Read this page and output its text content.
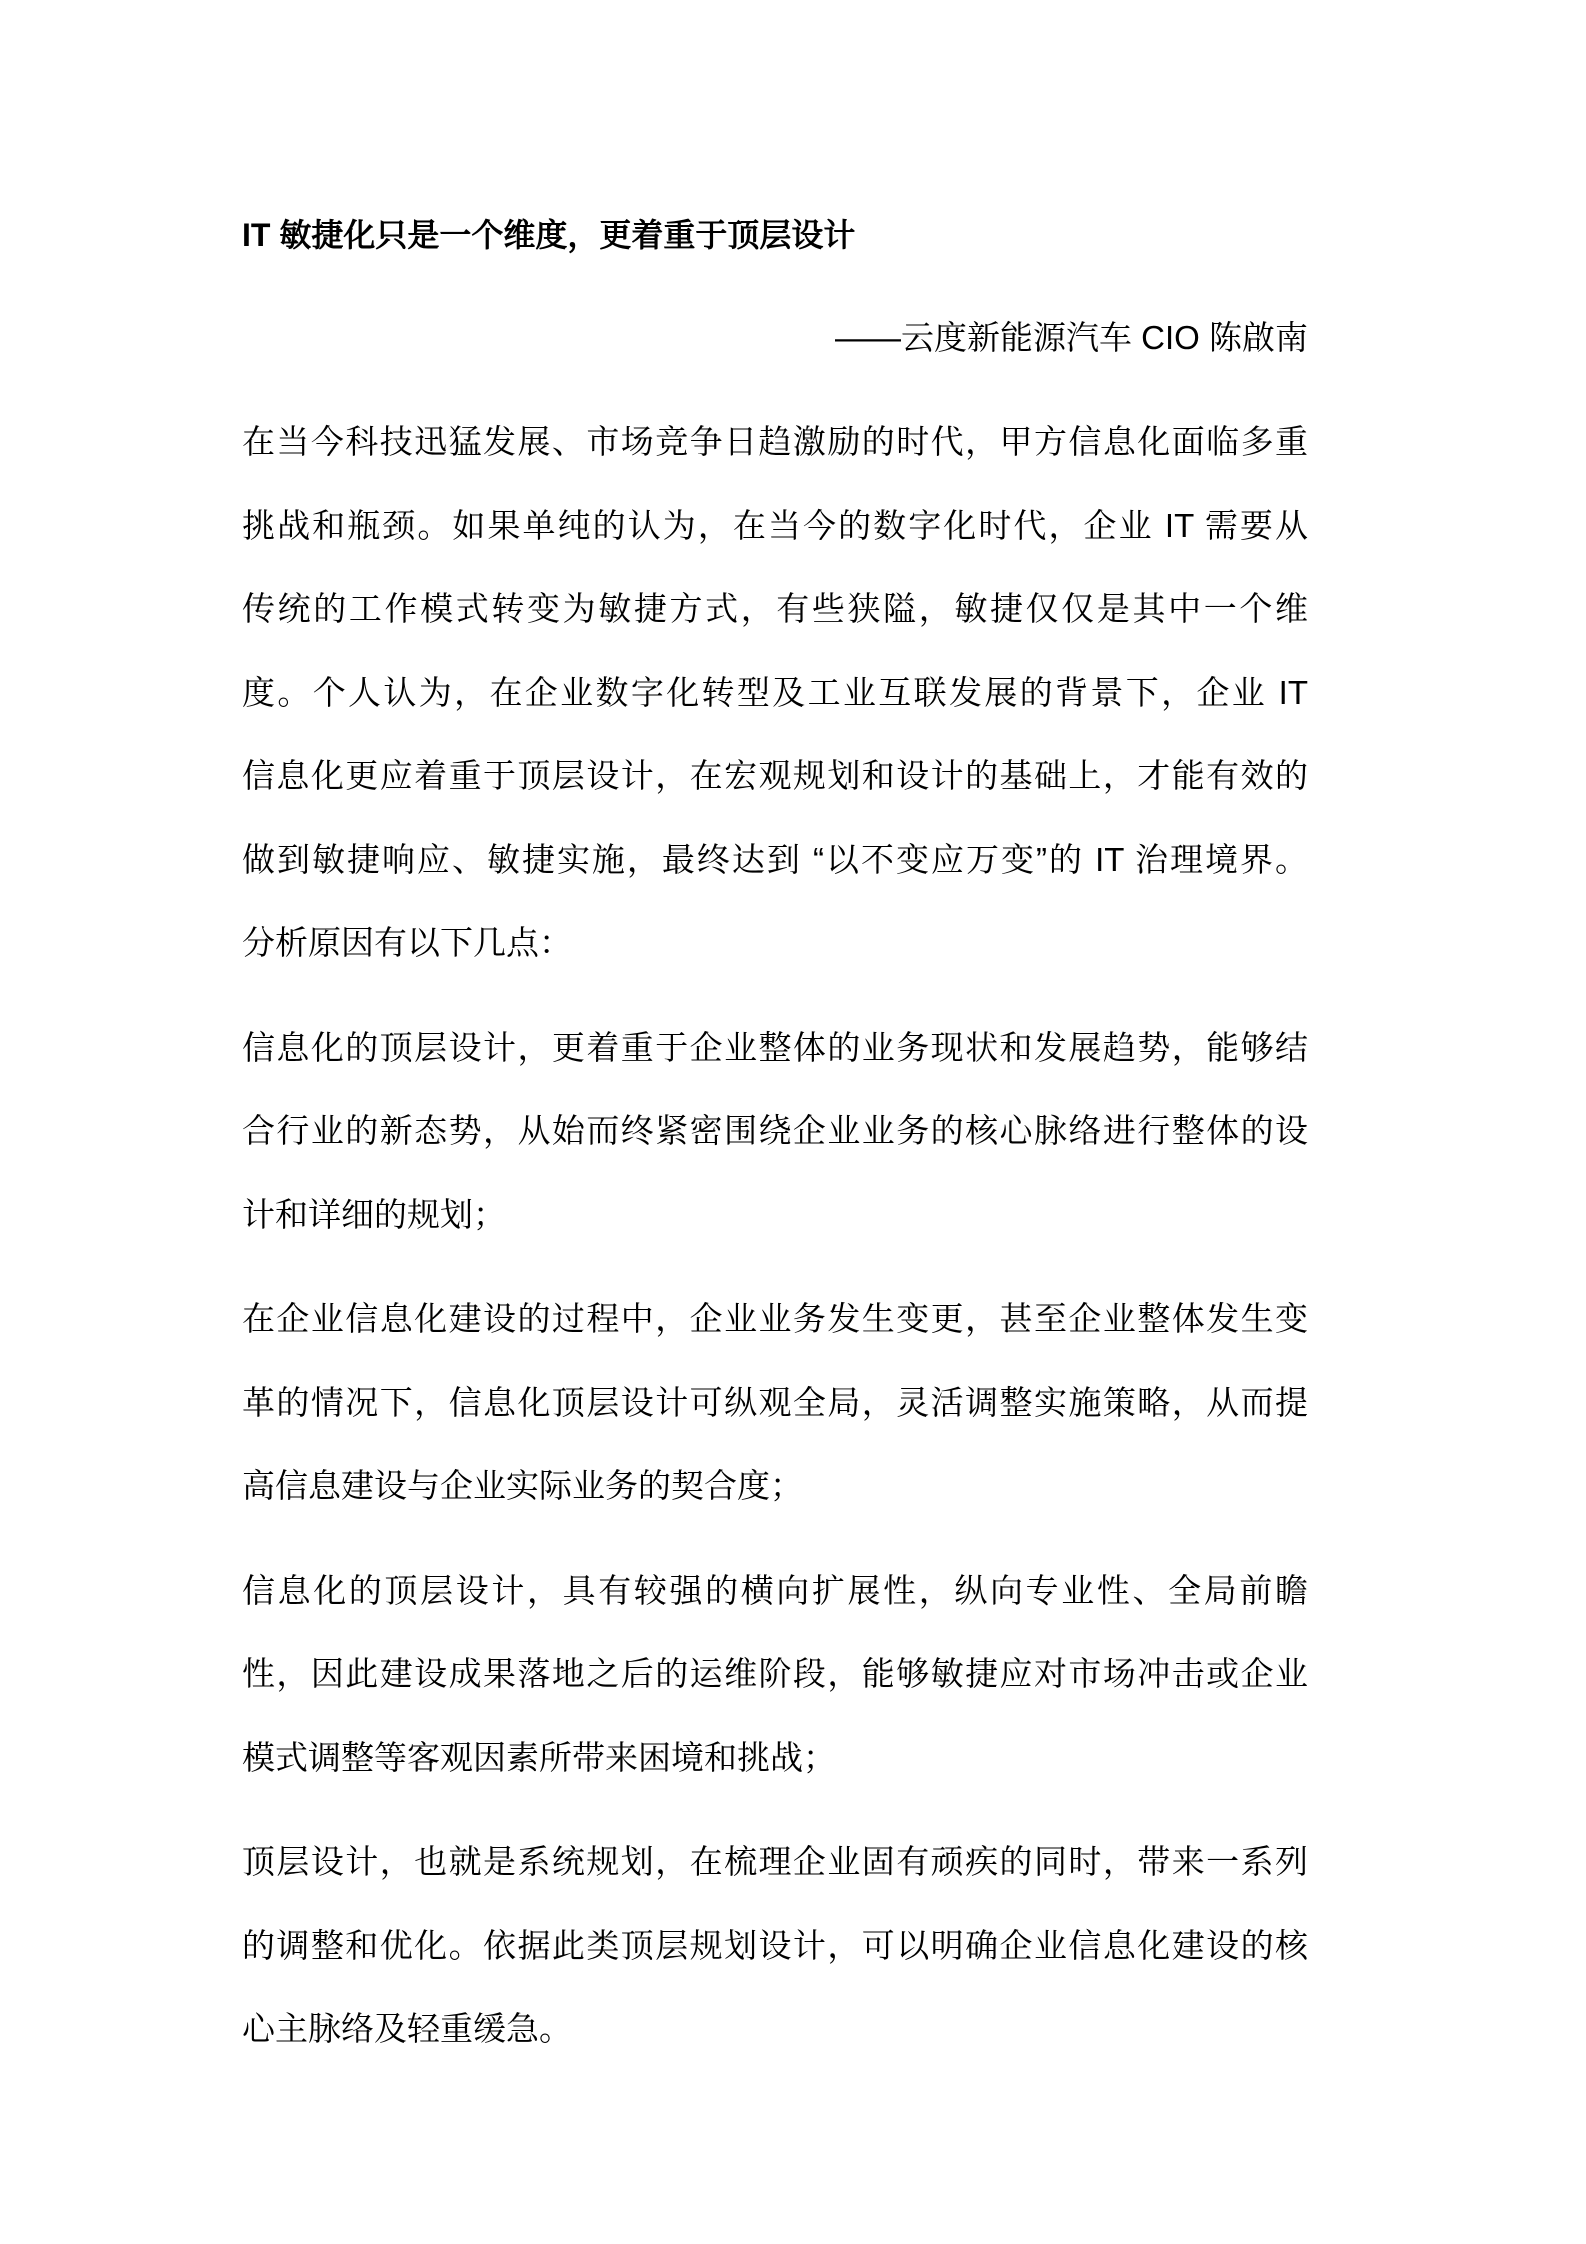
IT 敏捷化只是一个维度，更着重于顶层设计
——云度新能源汽车 CIO 陈啟南
在当今科技迅猛发展、市场竞争日趋激励的时代，甲方信息化面临多重
挑战和瓶颈。如果单纯的认为，在当今的数字化时代，企业 IT 需要从
传统的工作模式转变为敏捷方式，有些狭隘，敏捷仅仅是其中一个维
度。个人认为，在企业数字化转型及工业互联发展的背景下，企业 IT
信息化更应着重于顶层设计，在宏观规划和设计的基础上，才能有效的
做到敏捷响应、敏捷实施，最终达到 “以不变应万变”的 IT 治理境界。
分析原因有以下几点：
信息化的顶层设计，更着重于企业整体的业务现状和发展趋势，能够结
合行业的新态势，从始而终紧密围绕企业业务的核心脉络进行整体的设
计和详细的规划；
在企业信息化建设的过程中，企业业务发生变更，甚至企业整体发生变
革的情况下，信息化顶层设计可纵观全局，灵活调整实施策略，从而提
高信息建设与企业实际业务的契合度；
信息化的顶层设计，具有较强的横向扩展性，纵向专业性、全局前瞻
性，因此建设成果落地之后的运维阶段，能够敏捷应对市场冲击或企业
模式调整等客观因素所带来困境和挑战；
顶层设计，也就是系统规划，在梳理企业固有顽疾的同时，带来一系列
的调整和优化。依据此类顶层规划设计，可以明确企业信息化建设的核
心主脉络及轻重缓急。
